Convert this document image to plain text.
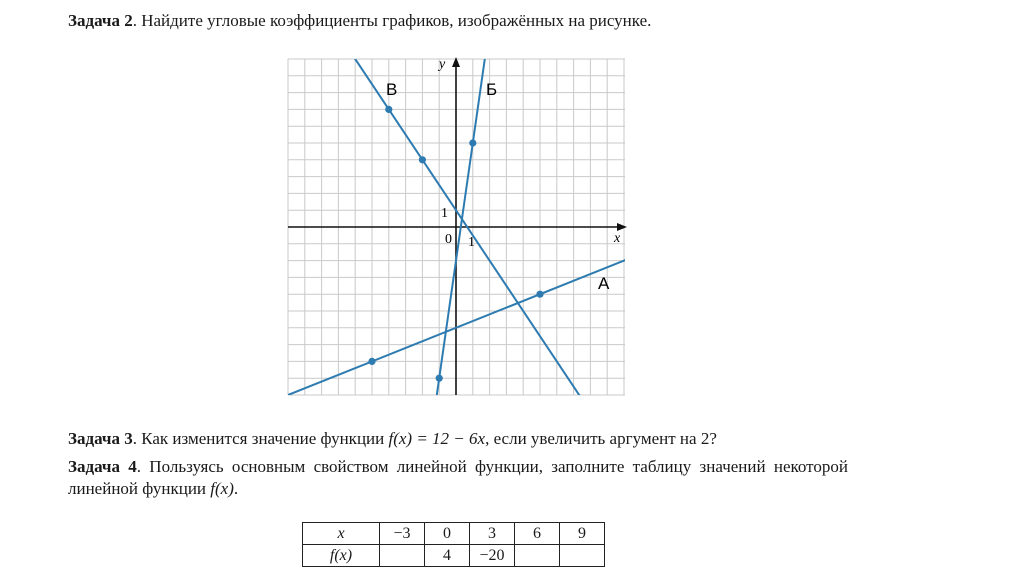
Задача 2. Найдите угловые коэффициенты графиков, изображённых на рисунке.

y
x
0 1
1
А
Б
В

Задача 3. Как изменится значение функции f(x) = 12 − 6x, если увеличить аргумент на 2?

Задача 4. Пользуясь основным свойством линейной функции, заполните таблицу значений некоторой линейной функции f(x).

x	−3	0	3	6	9
f(x)		4	−20		
